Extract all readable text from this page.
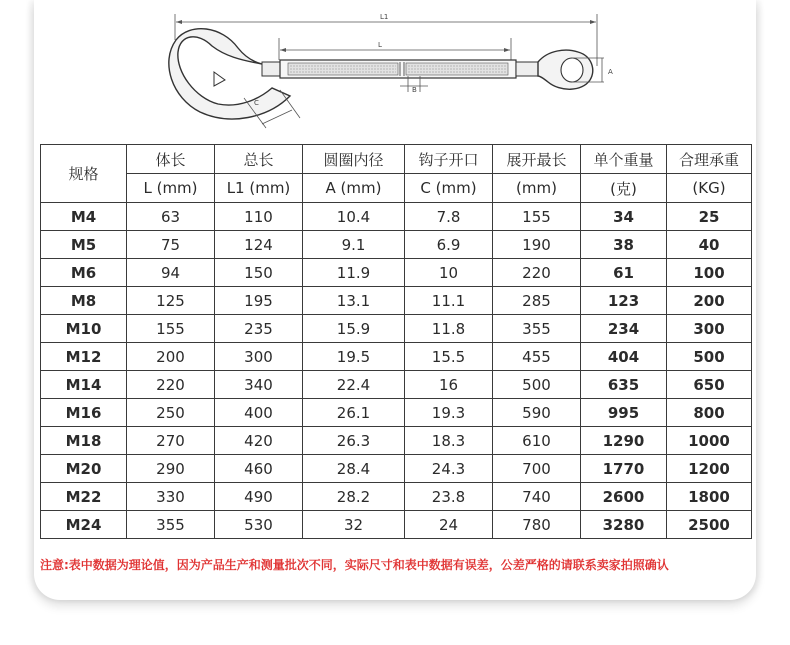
L1
L
C
B
A
规格	体长	总长	圆圈内径	钩子开口	展开最长	单个重量	合理承重
	L (mm)	L1 (mm)	A (mm)	C (mm)	(mm)	(克)	(KG)
M4	63	110	10.4	7.8	155	34	25
M5	75	124	9.1	6.9	190	38	40
M6	94	150	11.9	10	220	61	100
M8	125	195	13.1	11.1	285	123	200
M10	155	235	15.9	11.8	355	234	300
M12	200	300	19.5	15.5	455	404	500
M14	220	340	22.4	16	500	635	650
M16	250	400	26.1	19.3	590	995	800
M18	270	420	26.3	18.3	610	1290	1000
M20	290	460	28.4	24.3	700	1770	1200
M22	330	490	28.2	23.8	740	2600	1800
M24	355	530	32	24	780	3280	2500
注意:表中数据为理论值，因为产品生产和测量批次不同，实际尺寸和表中数据有误差，公差严格的请联系卖家拍照确认
